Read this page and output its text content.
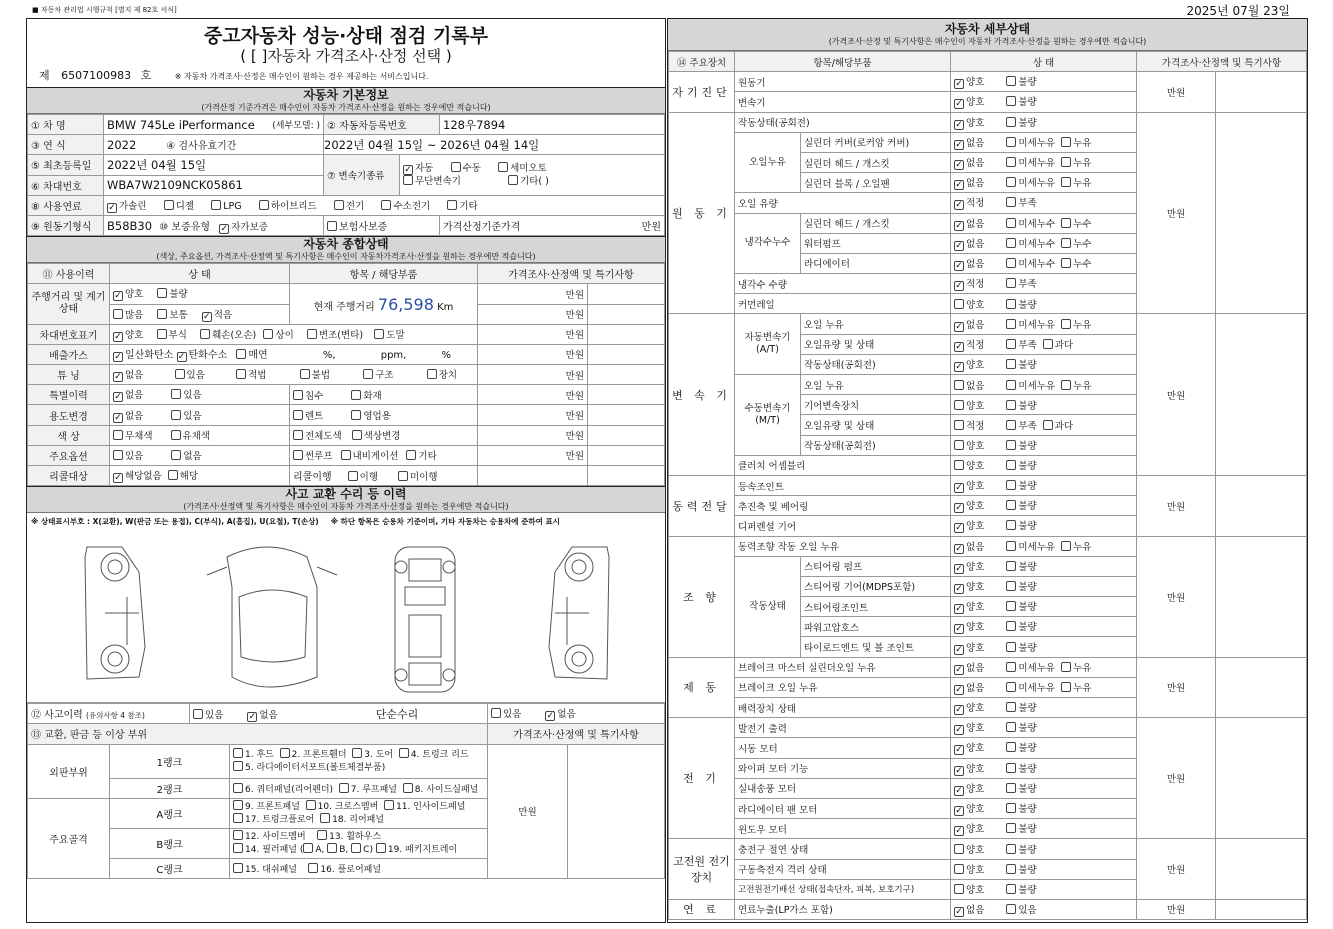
■ 자동차 관리법 시행규칙 [별지 제 82호 서식]	2025년 07월 23일
중고자동차 성능·상태 점검 기록부
( [ ]자동차 가격조사·산정 선택 )
제 6507100983 호	※ 자동차 가격조사·산정은 매수인이 원하는 경우 제공하는 서비스입니다.
자동차 기본정보
(가격산정 기준가격은 매수인이 자동차 가격조사·산정을 원하는 경우에만 적습니다)
① 차 명	BMW 745Le iPerformance (세부모델: )	② 자동차등록번호		128우7894
③ 연 식	2022 ④ 검사유효기간	2022년 04월 15일 ~ 2026년 04월 14일		
⑤ 최초등록일	2022년 04월 15일	⑦ 변속기종류	✓자동 수동 세미오토
무단변속기 기타( )
⑥ 차대번호	WBA7W2109NCK05861			
⑧ 사용연료	✓가솔린 디젤 LPG 하이브리드 전기 수소전기 기타
⑨ 원동기형식	B58B30 ⑩ 보증유형 ✓ 자가보증	보험사보증		가격산정기준가격 만원
자동차 종합상태
(색상, 주요옵션, 가격조사·산정액 및 특기사항은 매수인이 자동차가격조사·산정을 원하는 경우에만 적습니다)
⑪ 사용이력	상 태	항목 / 해당부품	가격조사·산정액 및 특기사항	
주행거리 및 계기상태	✓양호 불량	현재 주행거리 76,598 Km	만원	
	많음 보통 ✓ 적음		만원	
차대번호표기	✓양호 부식 훼손(오손) 상이 변조(변타) 도말		만원	
배출가스	✓일산화탄소 ✓ 탄화수소 매연 %, ppm, %		만원	
튜 닝	✓없음 있음 적법 불법 구조 장치		만원	
특별이력	✓없음 있음	침수 화재	만원	
용도변경	✓없음 있음	렌트 영업용	만원	
색 상	무채색 유채색	전체도색 색상변경	만원	
주요옵션	있음 없음	썬루프 내비게이션 기타	만원	
리콜대상	✓해당없음 해당	리콜이행 이행 미이행		
사고 교환 수리 등 이력
(가격조사·산정액 및 특기사항은 매수인이 자동차 가격조사·산정을 원하는 경우에만 적습니다)
※ 상태표시부호 : X(교환), W(판금 또는 용접), C(부식), A(흠집), U(요철), T(손상) ※ 하단 항목은 승용차 기준이며, 기타 자동차는 승용차에 준하여 표시
⑫ 사고이력 (유의사항 4 참조)		있음 ✓ 없음 단순수리		있음 ✓ 없음
⑬ 교환, 판금 등 이상 부위				가격조사·산정액 및 특기사항	
외판부위	1랭크		1. 후드 2. 프론트휀더 3. 도어 4. 트렁크 리드
5. 라디에이터서포트(볼트체결부품)	만원	
	2랭크		6. 쿼터패널(리어펜더) 7. 루프패널 8. 사이드실패널		
주요골격	A랭크		9. 프론트패널 10. 크로스멤버 11. 인사이드패널
17. 트렁크플로어 18. 리어패널		
	B랭크		12. 사이드멤버 13. 휠하우스
14. 필러패널 ( A, B, C) 19. 패키지트레이		
	C랭크		15. 대쉬패널 16. 플로어패널		
자동차 세부상태
(가격조사·산정 및 특기사항은 매수인이 자동차 가격조사·산정을 원하는 경우에만 적습니다)
⑭ 주요장치	항목/해당부품		상 태	가격조사·산정액 및 특기사항	
자기진단	원동기	✓양호 불량	만원	
	변속기	✓양호 불량
원 동 기	작동상태(공회전)	✓양호 불량	만원	
	오일누유	실린더 커버(로커암 커버)	✓없음 미세누유 누유
		실린더 헤드 / 개스킷	✓없음 미세누유 누유
		실린더 블록 / 오일팬	✓없음 미세누유 누유
	오일 유량	✓적정 부족
	냉각수누수	실린더 헤드 / 개스킷	✓없음 미세누수 누수
		워터펌프	✓없음 미세누수 누수
		라디에이터	✓없음 미세누수 누수
	냉각수 수량	✓적정 부족
	커먼레일		양호 불량		
변 속 기	자동변속기 (A/T)	오일 누유	✓없음 미세누유 누유	만원	
		오일유량 및 상태	✓적정 부족 과다
		작동상태(공회전)	✓양호 불량
	수동변속기 (M/T)	오일 누유	없음 미세누유 누유		
		기어변속장치	양호 불량		
		오일유량 및 상태	적정 부족 과다		
		작동상태(공회전)	양호 불량		
	클러치 어셈블리		양호 불량		
동력전달	등속조인트	✓양호 불량	만원	
	추진축 및 베어링	✓양호 불량
	디퍼렌셜 기어	✓양호 불량
조 향	동력조향 작동 오일 누유	✓없음 미세누유 누유	만원	
	작동상태	스티어링 펌프	✓양호 불량
		스티어링 기어(MDPS포함)	✓양호 불량
		스티어링조인트	✓양호 불량
		파워고압호스	✓양호 불량
		타이로드엔드 및 볼 조인트	✓양호 불량
제 동	브레이크 마스터 실린더오일 누유	✓없음 미세누유 누유	만원	
	브레이크 오일 누유	✓없음 미세누유 누유
	배력장치 상태	✓양호 불량
전 기	발전기 출력	✓양호 불량	만원	
	시동 모터	✓양호 불량
	와이퍼 모터 기능	✓양호 불량
	실내송풍 모터	✓양호 불량
	라디에이터 팬 모터	✓양호 불량
	윈도우 모터	✓양호 불량
고전원 전기장치	충전구 절연 상태		양호 불량	만원	
	구동축전지 격리 상태		양호 불량		
	고전원전기배선 상태(접속단자, 피복, 보호기구)		양호 불량		
연 료	연료누출(LP가스 포함)	✓없음 있음	만원	
